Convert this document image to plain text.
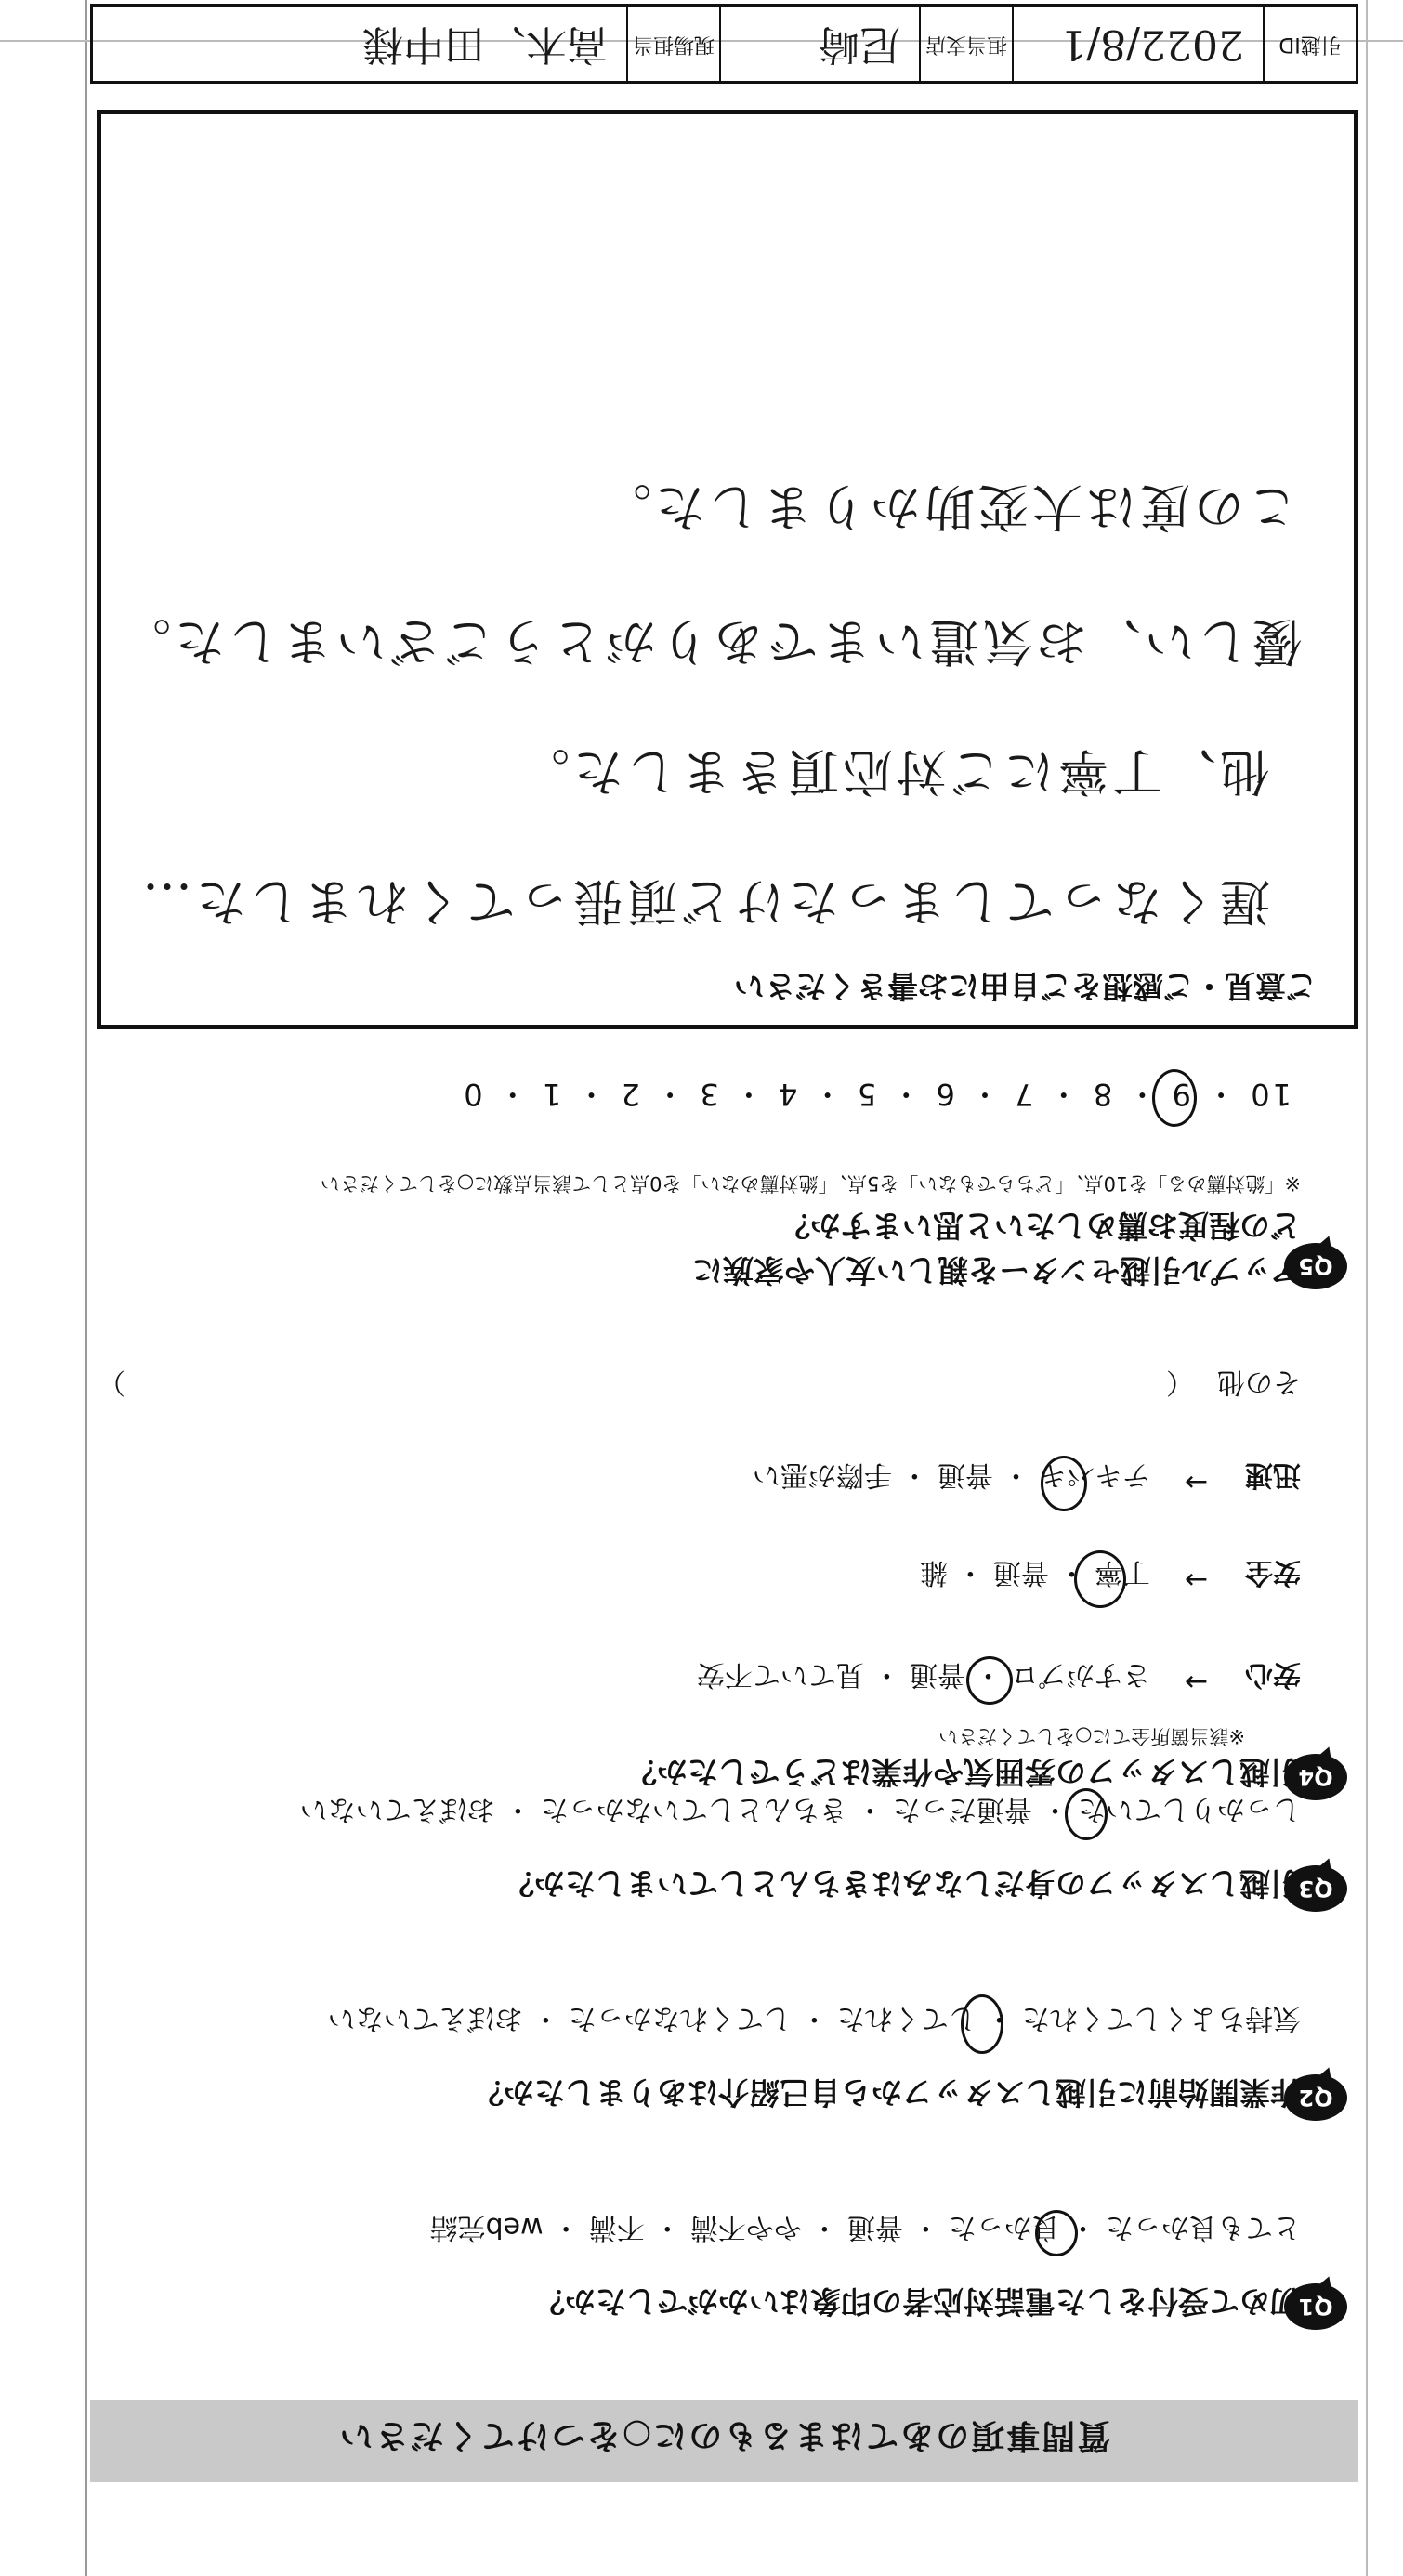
質問事項のあてはまるものに○をつけてください
Q1
初めて受付をした電話対応者の印象はいかがでしたか？
とても良かった ・ 良かった ・ 普通 ・ やや不満 ・ 不満 ・ web完結
Q2
作業開始前に引越しスタッフから自己紹介はありましたか？
気持ちよくしてくれた ・ してくれた ・ してくれなかった ・ おぼえていない
Q3
引越しスタッフの身だしなみはきちんとしていましたか？
しっかりしていた ・ 普通だった ・ きちんとしていなかった ・ おぼえていない
Q4
引越しスタッフの雰囲気や作業はどうでしたか？
※該当箇所全てに○をしてください
安心
→
さすがプロ ・ 普通 ・ 見ていて不安
安全
→
丁寧 ・ 普通 ・ 雑
迅速
→
テキパキ ・ 普通 ・ 手際が悪い
その他
（
）
Q5
アップル引越センターを親しい友人や家族に
どの程度お薦めしたいと思いますか？
※「絶対薦める」を10点、「どちらでもない」を5点、「絶対薦めない」を0点として該当点数に○をしてください
10 ・ 9 ・ 8 ・ 7 ・ 6 ・ 5 ・ 4 ・ 3 ・ 2 ・ 1 ・ 0
ご意見・ご感想をご自由にお書きください
遅くなってしまったけど頑張ってくれました…
他、丁寧にご対応頂きました。
優しい、お気遣いまでありがとうございました。
この度は大変助かりました。
引越ID
2022/8/1
担当支店
尼崎
現場担当
高木、田中様
